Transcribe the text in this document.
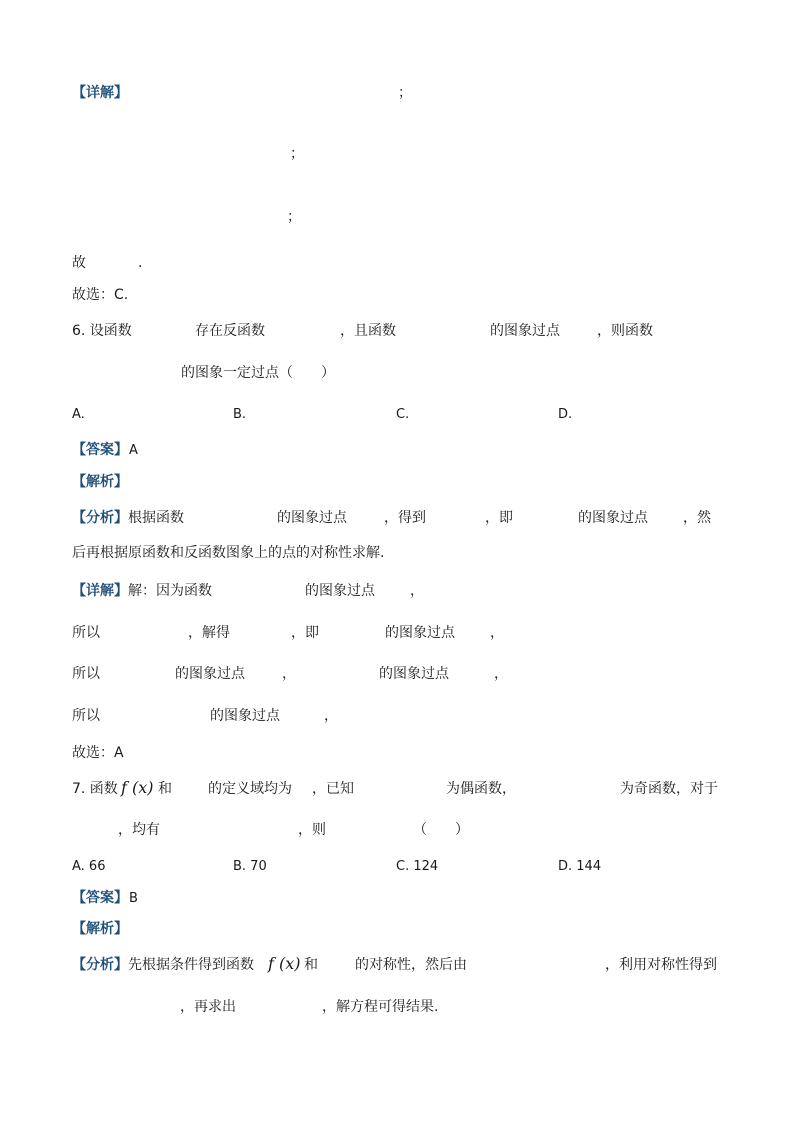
【详解】	；
；
；
故	.
故选：C.
6. 设函数	存在反函数	，且函数	的图象过点	，则函数
的图象一定过点（　　）
A.	B.	C.	D.
【答案】 A
【解析】
【分析】 根据函数	的图象过点	，得到	，即	的图象过点	，然
后再根据原函数和反函数图象上的点的对称性求解.
【详解】 解：因为函数	的图象过点	，
所以	，解得	，即	的图象过点	，
所以	的图象过点	，	的图象过点	，
所以	的图象过点	，
故选：A
7. 函数 f (x) 和	的定义域均为 ，已知	为偶函数，	为奇函数，对于
，均有	，则	（　　）
A. 66	B. 70	C. 124	D. 144
【答案】 B
【解析】
【分析】 先根据条件得到函数 f (x) 和	的对称性，然后由	，利用对称性得到
，再求出	，解方程可得结果.
